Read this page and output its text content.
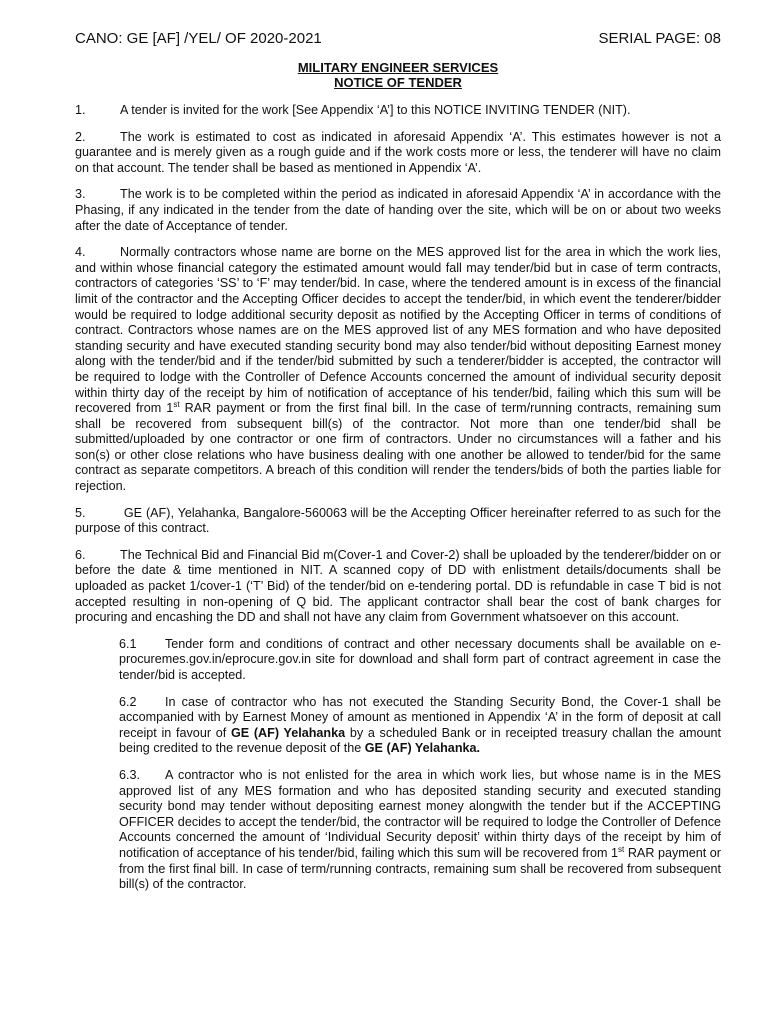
CANO: GE [AF] /YEL/ OF 2020-2021	SERIAL PAGE: 08
MILITARY ENGINEER SERVICES
NOTICE OF TENDER
1.	A tender is invited for the work [See Appendix ‘A’] to this NOTICE INVITING TENDER (NIT).
2.	The work is estimated to cost as indicated in aforesaid Appendix ‘A’. This estimates however is not a guarantee and is merely given as a rough guide and if the work costs more or less, the tenderer will have no claim on that account. The tender shall be based as mentioned in Appendix ‘A’.
3.	The work is to be completed within the period as indicated in aforesaid Appendix ‘A’ in accordance with the Phasing, if any indicated in the tender from the date of handing over the site, which will be on or about two weeks after the date of Acceptance of tender.
4.	Normally contractors whose name are borne on the MES approved list for the area in which the work lies, and within whose financial category the estimated amount would fall may tender/bid but in case of term contracts, contractors of categories ‘SS’ to ‘F’ may tender/bid. In case, where the tendered amount is in excess of the financial limit of the contractor and the Accepting Officer decides to accept the tender/bid, in which event the tenderer/bidder would be required to lodge additional security deposit as notified by the Accepting Officer in terms of conditions of contract. Contractors whose names are on the MES approved list of any MES formation and who have deposited standing security and have executed standing security bond may also tender/bid without depositing Earnest money along with the tender/bid and if the tender/bid submitted by such a tenderer/bidder is accepted, the contractor will be required to lodge with the Controller of Defence Accounts concerned the amount of individual security deposit within thirty day of the receipt by him of notification of acceptance of his tender/bid, failing which this sum will be recovered from 1st RAR payment or from the first final bill. In the case of term/running contracts, remaining sum shall be recovered from subsequent bill(s) of the contractor. Not more than one tender/bid shall be submitted/uploaded by one contractor or one firm of contractors. Under no circumstances will a father and his son(s) or other close relations who have business dealing with one another be allowed to tender/bid for the same contract as separate competitors. A breach of this condition will render the tenders/bids of both the parties liable for rejection.
5.	GE (AF), Yelahanka, Bangalore-560063 will be the Accepting Officer hereinafter referred to as such for the purpose of this contract.
6.	The Technical Bid and Financial Bid m(Cover-1 and Cover-2) shall be uploaded by the tenderer/bidder on or before the date & time mentioned in NIT. A scanned copy of DD with enlistment details/documents shall be uploaded as packet 1/cover-1 (‘T’ Bid) of the tender/bid on e-tendering portal. DD is refundable in case T bid is not accepted resulting in non-opening of Q bid. The applicant contractor shall bear the cost of bank charges for procuring and encashing the DD and shall not have any claim from Government whatsoever on this account.
6.1 Tender form and conditions of contract and other necessary documents shall be available on e-procuremes.gov.in/eprocure.gov.in site for download and shall form part of contract agreement in case the tender/bid is accepted.
6.2 In case of contractor who has not executed the Standing Security Bond, the Cover-1 shall be accompanied with by Earnest Money of amount as mentioned in Appendix ‘A’ in the form of deposit at call receipt in favour of GE (AF) Yelahanka by a scheduled Bank or in receipted treasury challan the amount being credited to the revenue deposit of the GE (AF) Yelahanka.
6.3. A contractor who is not enlisted for the area in which work lies, but whose name is in the MES approved list of any MES formation and who has deposited standing security and executed standing security bond may tender without depositing earnest money alongwith the tender but if the ACCEPTING OFFICER decides to accept the tender/bid, the contractor will be required to lodge the Controller of Defence Accounts concerned the amount of ‘Individual Security deposit’ within thirty days of the receipt by him of notification of acceptance of his tender/bid, failing which this sum will be recovered from 1st RAR payment or from the first final bill. In case of term/running contracts, remaining sum shall be recovered from subsequent bill(s) of the contractor.
